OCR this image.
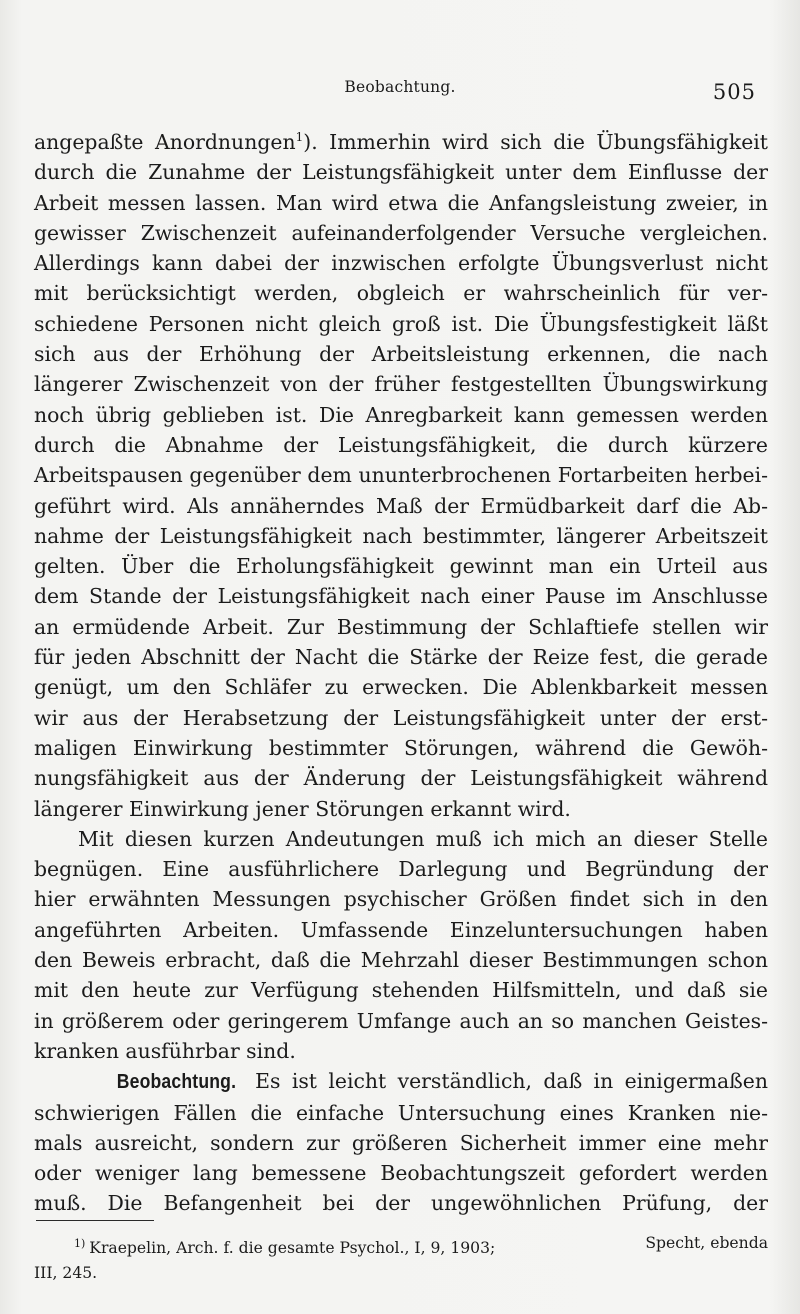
Beobachtung.	505

angepaßte Anordnungen$^1$). Immerhin wird sich die Übungsfähigkeit
durch die Zunahme der Leistungsfähigkeit unter dem Einflusse der
Arbeit messen lassen. Man wird etwa die Anfangsleistung zweier, in
gewisser Zwischenzeit aufeinanderfolgender Versuche vergleichen.
Allerdings kann dabei der inzwischen erfolgte Übungsverlust nicht
mit berücksichtigt werden, obgleich er wahrscheinlich für ver-
schiedene Personen nicht gleich groß ist. Die Übungsfestigkeit läßt
sich aus der Erhöhung der Arbeitsleistung erkennen, die nach
längerer Zwischenzeit von der früher festgestellten Übungswirkung
noch übrig geblieben ist. Die Anregbarkeit kann gemessen werden
durch die Abnahme der Leistungsfähigkeit, die durch kürzere
Arbeitspausen gegenüber dem ununterbrochenen Fortarbeiten herbei-
geführt wird. Als annäherndes Maß der Ermüdbarkeit darf die Ab-
nahme der Leistungsfähigkeit nach bestimmter, längerer Arbeitszeit
gelten. Über die Erholungsfähigkeit gewinnt man ein Urteil aus
dem Stande der Leistungsfähigkeit nach einer Pause im Anschlusse
an ermüdende Arbeit. Zur Bestimmung der Schlaftiefe stellen wir
für jeden Abschnitt der Nacht die Stärke der Reize fest, die gerade
genügt, um den Schläfer zu erwecken. Die Ablenkbarkeit messen
wir aus der Herabsetzung der Leistungsfähigkeit unter der erst-
maligen Einwirkung bestimmter Störungen, während die Gewöh-
nungsfähigkeit aus der Änderung der Leistungsfähigkeit während
längerer Einwirkung jener Störungen erkannt wird.

Mit diesen kurzen Andeutungen muß ich mich an dieser Stelle
begnügen. Eine ausführlichere Darlegung und Begründung der
hier erwähnten Messungen psychischer Größen findet sich in den
angeführten Arbeiten. Umfassende Einzeluntersuchungen haben
den Beweis erbracht, daß die Mehrzahl dieser Bestimmungen schon
mit den heute zur Verfügung stehenden Hilfsmitteln, und daß sie
in größerem oder geringerem Umfange auch an so manchen Geistes-
kranken ausführbar sind.

Beobachtung. Es ist leicht verständlich, daß in einigermaßen
schwierigen Fällen die einfache Untersuchung eines Kranken nie-
mals ausreicht, sondern zur größeren Sicherheit immer eine mehr
oder weniger lang bemessene Beobachtungszeit gefordert werden
muß. Die Befangenheit bei der ungewöhnlichen Prüfung, der

$^{1)}$ Kraepelin, Arch. f. die gesamte Psychol., I, 9, 1903;	Specht, ebenda
III, 245.
